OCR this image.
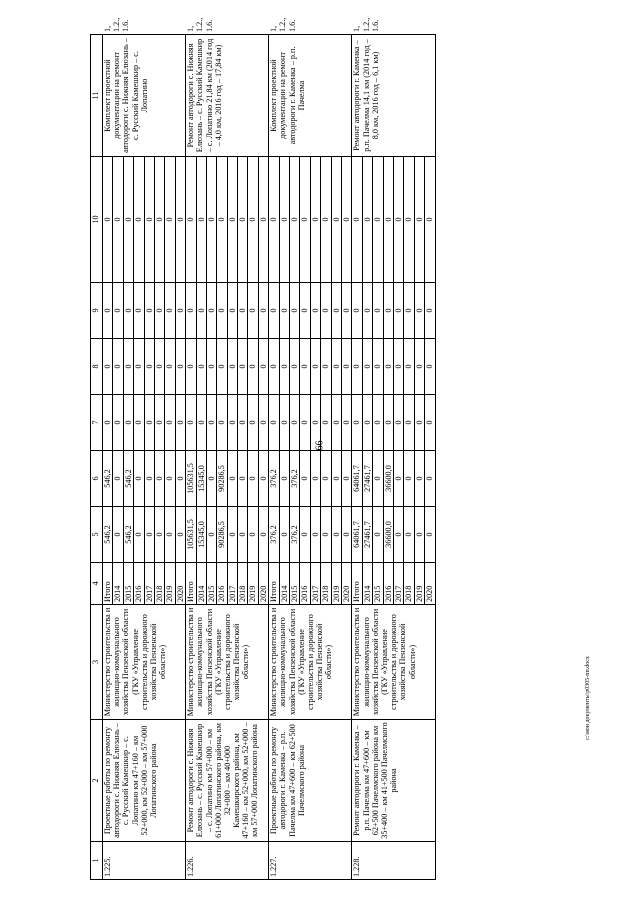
66
1	2	3	4	5	6	7	8	9	10	11	
1.225.	Проектные работы по ремонту автодороги с. Нижняя Елюзань – с. Русский Камешкир – с. Лопатино км 47+160 – км 52+000, км 52+000 – км 57+000 Лопатинского района	Министерство строительства и жилищно-коммунального хозяйства Пензенской области (ГКУ «Управление строительства и дорожного хозяйства Пензенской области»)	Итого	546,2	546,2	0	0	0	0	Комплект проектной документации на ремонт автодороги с. Нижняя Елюзань – с. Русский Камешкир – с. Лопатино	1, 1.2., 1.6.
			2014	0	0	0	0	0	0		
			2015	546,2	546,2	0	0	0	0		
			2016	0	0	0	0	0	0		
			2017	0	0	0	0	0	0		
			2018	0	0	0	0	0	0		
			2019	0	0	0	0	0	0		
			2020	0	0	0	0	0	0		
1.226.	Ремонт автодороги с. Нижняя Елюзань – с. Русский Камешкир – с. Лопатино км 57+000 – км 61+000 Лопатинского района, км 32+000 – км 40+000 Камешкирского района, км 47+160 – км 52+000, км 52+000 – км 57+000 Лопатинского района	Министерство строительства и жилищно-коммунального хозяйства Пензенской области (ГКУ «Управление строительства и дорожного хозяйства Пензенской области»)	Итого	105631,5	105631,5	0	0	0	0	Ремонт автодороги с. Нижняя Елюзань – с. Русский Камешкир – с. Лопатино 21,84 км (2014 год – 4,0 км, 2016 год – 17,84 км)	1, 1.2., 1.6.
			2014	15345,0	15345,0	0	0	0	0		
			2015	0	0	0	0	0	0		
			2016	90286,5	90286,5	0	0	0	0		
			2017	0	0	0	0	0	0		
			2018	0	0	0	0	0	0		
			2019	0	0	0	0	0	0		
			2020	0	0	0	0	0	0		
1.227.	Проектные работы по ремонту автодороги г. Каменка – р.п. Пачелма км 47+600 – км 62+500 Пачелмского района	Министерство строительства и жилищно-коммунального хозяйства Пензенской области (ГКУ «Управление строительства и дорожного хозяйства Пензенской области»)	Итого	376,2	376,2	0	0	0	0	Комплект проектной документации на ремонт автодороги г. Каменка – р.п. Пачелма	1, 1.2., 1.6.
			2014	0	0	0	0	0	0		
			2015	376,2	376,2	0	0	0	0		
			2016	0	0	0	0	0	0		
			2017	0	0	0	0	0	0		
			2018	0	0	0	0	0	0		
			2019	0	0	0	0	0	0		
			2020	0	0	0	0	0	0		
1.228.	Ремонт автодороги г. Каменка – р.п. Пачелма км 47+600 – км 62+500 Пачелмского района км 35+400 – км 41+500 Пачелмского района	Министерство строительства и жилищно-коммунального хозяйства Пензенской области (ГКУ «Управление строительства и дорожного хозяйства Пензенской области»)	Итого	64061,7	64061,7	0	0	0	0	Ремонт автодороги г. Каменка – р.п. Пачелма 14,1 км (2014 год – 8,0 км, 2016 год – 6,1 км)	1, 1.2., 1.6.
			2014	27461,7	27461,7	0	0	0	0		
			2015	0	0	0	0	0	0		
			2016	36600,0	36600,0	0	0	0	0		
			2017	0	0	0	0	0	0		
			2018	0	0	0	0	0	0		
			2019	0	0	0	0	0	0		
			2020	0	0	0	0	0	0		
c:\мои документы\р0305-пп.docx
